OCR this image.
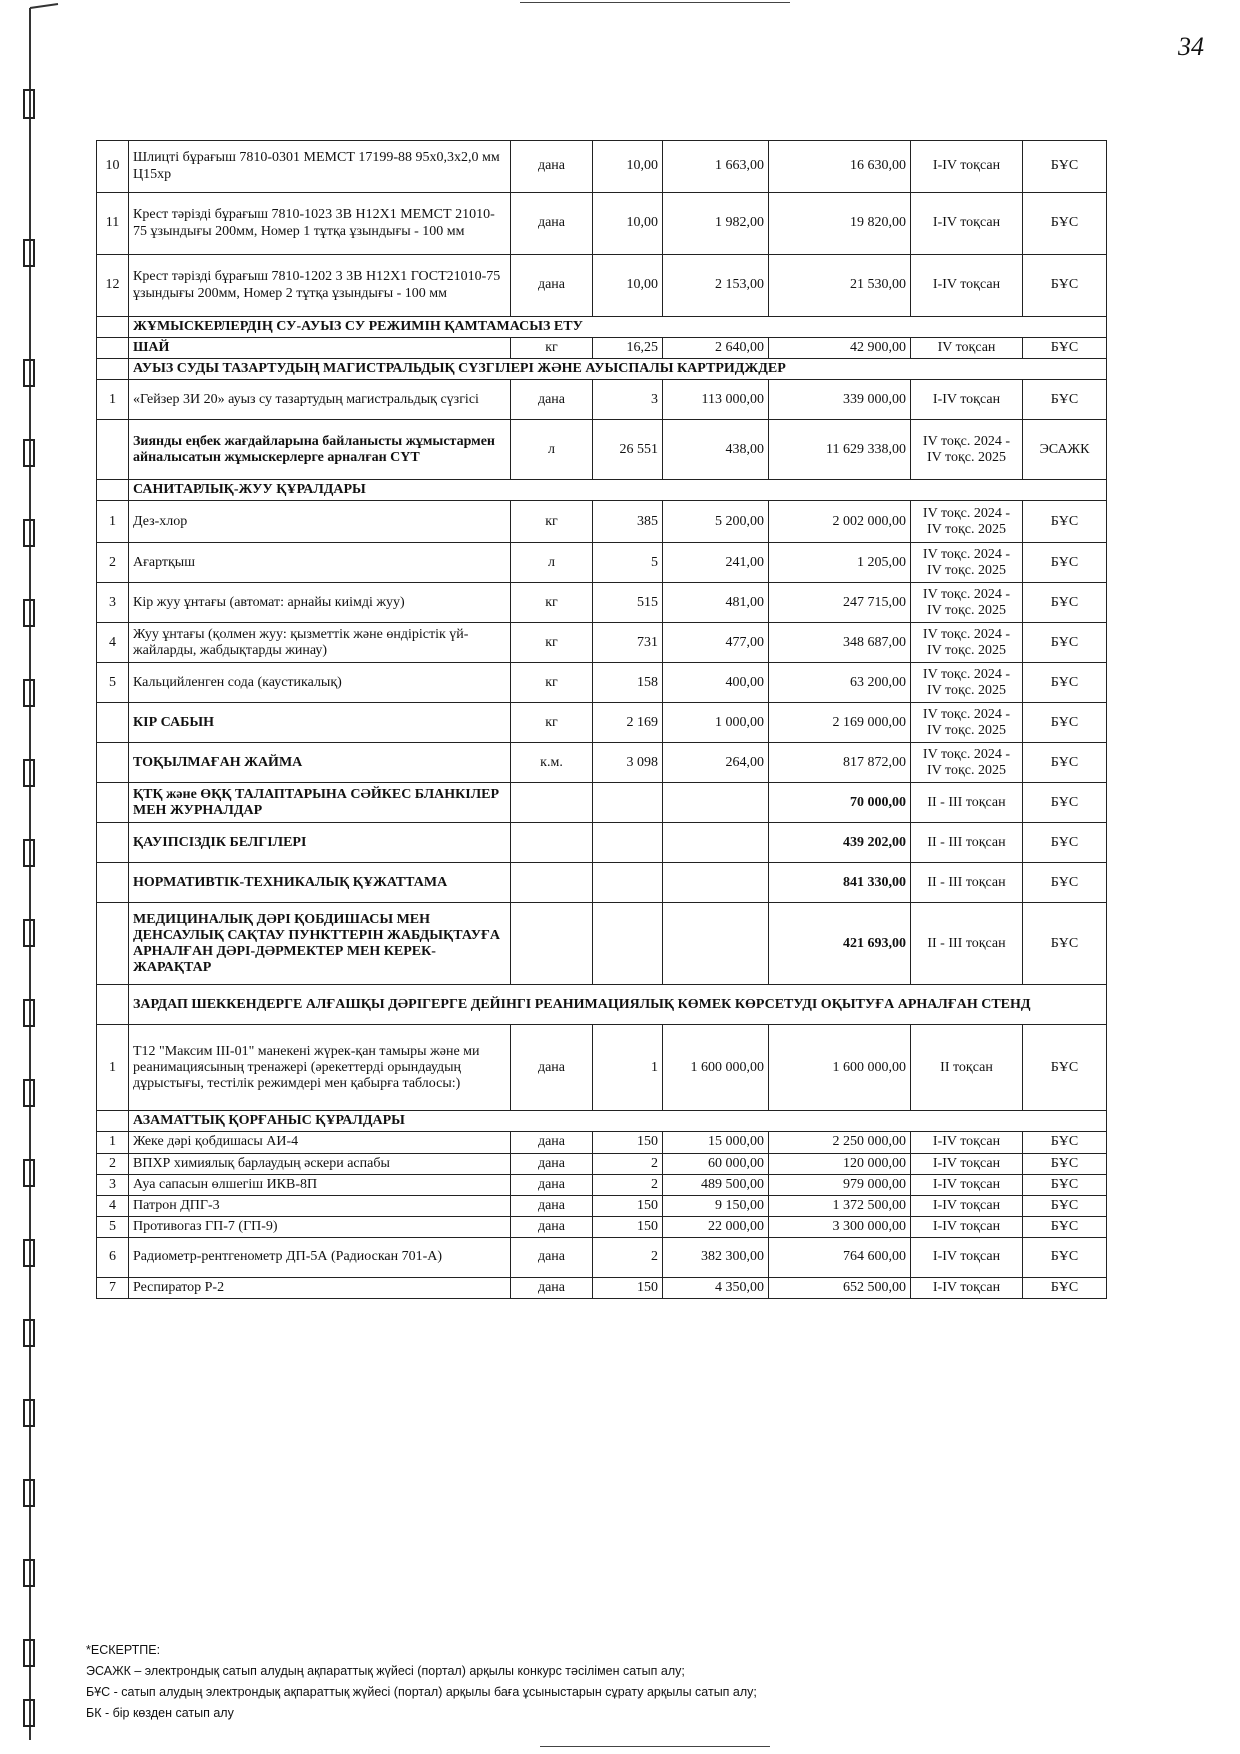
34
10	Шлицті бұрағыш 7810-0301 МЕМСТ 17199-88 95х0,3х2,0 мм Ц15хр	дана	10,00	1 663,00	16 630,00	I-IV тоқсан	БҰС
11	Крест тәрізді бұрағыш 7810-1023 3В Н12Х1 МЕМСТ 21010-75 ұзындығы 200мм, Номер 1 тұтқа ұзындығы - 100 мм	дана	10,00	1 982,00	19 820,00	I-IV тоқсан	БҰС
12	Крест тәрізді бұрағыш 7810-1202 3 3В Н12Х1 ГОСТ21010-75 ұзындығы 200мм, Номер 2 тұтқа ұзындығы - 100 мм	дана	10,00	2 153,00	21 530,00	I-IV тоқсан	БҰС
	ЖҰМЫСКЕРЛЕРДІҢ СУ-АУЫЗ СУ РЕЖИМІН ҚАМТАМАСЫЗ ЕТУ						
	ШАЙ	кг	16,25	2 640,00	42 900,00	IV тоқсан	БҰС
	АУЫЗ СУДЫ ТАЗАРТУДЫҢ МАГИСТРАЛЬДЫҚ СҮЗГІЛЕРІ ЖӘНЕ АУЫСПАЛЫ КАРТРИДЖДЕР						
1	«Гейзер 3И 20» ауыз су тазартудың магистральдық сүзгісі	дана	3	113 000,00	339 000,00	I-IV тоқсан	БҰС
	Зиянды еңбек жағдайларына байланысты жұмыстармен айналысатын жұмыскерлерге арналған СҮТ	л	26 551	438,00	11 629 338,00	IV тоқс. 2024 - IV тоқс. 2025	ЭСАЖК
	САНИТАРЛЫҚ-ЖУУ ҚҰРАЛДАРЫ						
1	Дез-хлор	кг	385	5 200,00	2 002 000,00	IV тоқс. 2024 - IV тоқс. 2025	БҰС
2	Ағартқыш	л	5	241,00	1 205,00	IV тоқс. 2024 - IV тоқс. 2025	БҰС
3	Кір жуу ұнтағы (автомат: арнайы киімді жуу)	кг	515	481,00	247 715,00	IV тоқс. 2024 - IV тоқс. 2025	БҰС
4	Жуу ұнтағы (қолмен жуу: қызметтік және өндірістік үй-жайларды, жабдықтарды жинау)	кг	731	477,00	348 687,00	IV тоқс. 2024 - IV тоқс. 2025	БҰС
5	Кальцийленген сода (каустикалық)	кг	158	400,00	63 200,00	IV тоқс. 2024 - IV тоқс. 2025	БҰС
	КІР САБЫН	кг	2 169	1 000,00	2 169 000,00	IV тоқс. 2024 - IV тоқс. 2025	БҰС
	ТОҚЫЛМАҒАН ЖАЙМА	к.м.	3 098	264,00	817 872,00	IV тоқс. 2024 - IV тоқс. 2025	БҰС
	ҚТҚ және ӨҚҚ ТАЛАПТАРЫНА СӘЙКЕС БЛАНКІЛЕР МЕН ЖУРНАЛДАР				70 000,00	II - III тоқсан	БҰС
	ҚАУІПСІЗДІК БЕЛГІЛЕРІ				439 202,00	II - III тоқсан	БҰС
	НОРМАТИВТІК-ТЕХНИКАЛЫҚ ҚҰЖАТТАМА				841 330,00	II - III тоқсан	БҰС
	МЕДИЦИНАЛЫҚ ДӘРІ ҚОБДИШАСЫ МЕН ДЕНСАУЛЫҚ САҚТАУ ПУНКТТЕРІН ЖАБДЫҚТАУҒА АРНАЛҒАН ДӘРІ-ДӘРМЕКТЕР МЕН КЕРЕК-ЖАРАҚТАР				421 693,00	II - III тоқсан	БҰС
	ЗАРДАП ШЕККЕНДЕРГЕ АЛҒАШҚЫ ДӘРІГЕРГЕ ДЕЙІНГІ РЕАНИМАЦИЯЛЫҚ КӨМЕК КӨРСЕТУДІ ОҚЫТУҒА АРНАЛҒАН СТЕНД						
1	Т12 "Максим III-01" манекені жүрек-қан тамыры және ми реанимациясының тренажері (әрекеттерді орындаудың дұрыстығы, тестілік режимдері мен қабырға таблосы:)	дана	1	1 600 000,00	1 600 000,00	II тоқсан	БҰС
	АЗАМАТТЫҚ ҚОРҒАНЫС ҚҰРАЛДАРЫ						
1	Жеке дәрі қобдишасы АИ-4	дана	150	15 000,00	2 250 000,00	I-IV тоқсан	БҰС
2	ВПХР химиялық барлаудың әскери аспабы	дана	2	60 000,00	120 000,00	I-IV тоқсан	БҰС
3	Ауа сапасын өлшегіш ИКВ-8П	дана	2	489 500,00	979 000,00	I-IV тоқсан	БҰС
4	Патрон ДПГ-3	дана	150	9 150,00	1 372 500,00	I-IV тоқсан	БҰС
5	Противогаз ГП-7 (ГП-9)	дана	150	22 000,00	3 300 000,00	I-IV тоқсан	БҰС
6	Радиометр-рентгенометр ДП-5А (Радиоскан 701-А)	дана	2	382 300,00	764 600,00	I-IV тоқсан	БҰС
7	Респиратор Р-2	дана	150	4 350,00	652 500,00	I-IV тоқсан	БҰС
*ЕСКЕРТПЕ:
ЭСАЖК – электрондық сатып алудың ақпараттық жүйесі (портал) арқылы конкурс тәсілімен сатып алу;
БҰС - сатып алудың электрондық ақпараттық жүйесі (портал) арқылы баға ұсыныстарын сұрату арқылы сатып алу;
БК - бір көзден сатып алу
